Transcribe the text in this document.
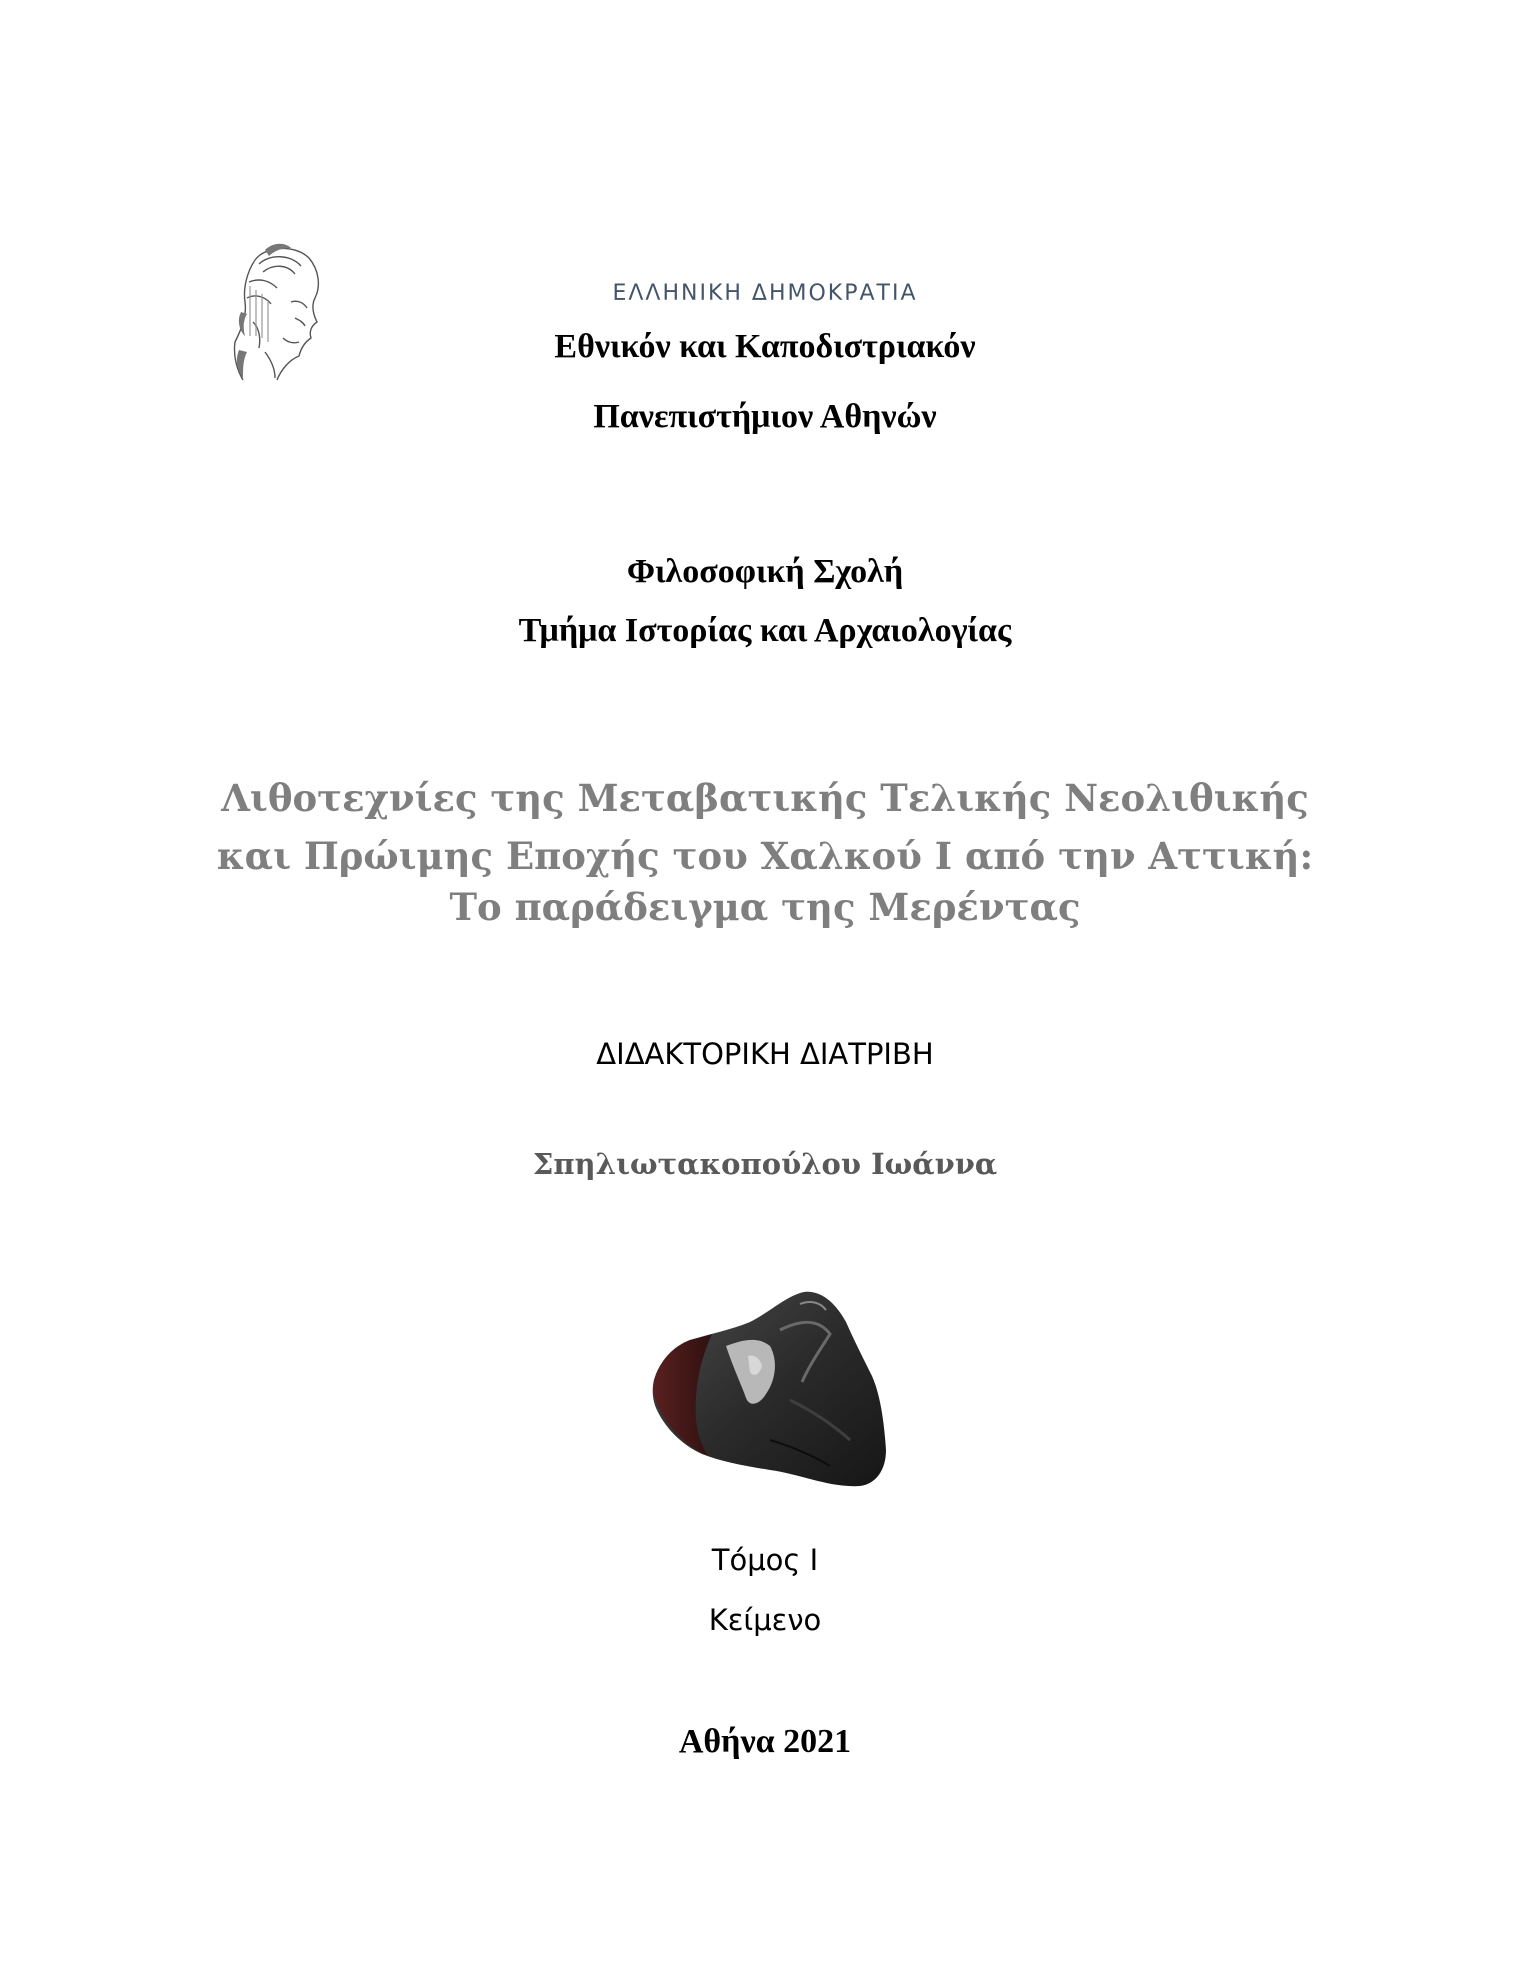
ΕΛΛΗΝΙΚΗ ΔΗΜΟΚΡΑΤΙΑ
Εθνικόν και Καποδιστριακόν
Πανεπιστήμιον Αθηνών
Φιλοσοφική Σχολή
Τμήμα Ιστορίας και Αρχαιολογίας
Λιθοτεχνίες της Μεταβατικής Τελικής Νεολιθικής
και Πρώιμης Εποχής του Χαλκού Ι από την Αττική:
Το παράδειγμα της Μερέντας
ΔΙΔΑΚΤΟΡΙΚΗ ΔΙΑΤΡΙΒΗ
Σπηλιωτακοπούλου Ιωάννα
Τόμος Ι
Κείμενο
Αθήνα 2021
